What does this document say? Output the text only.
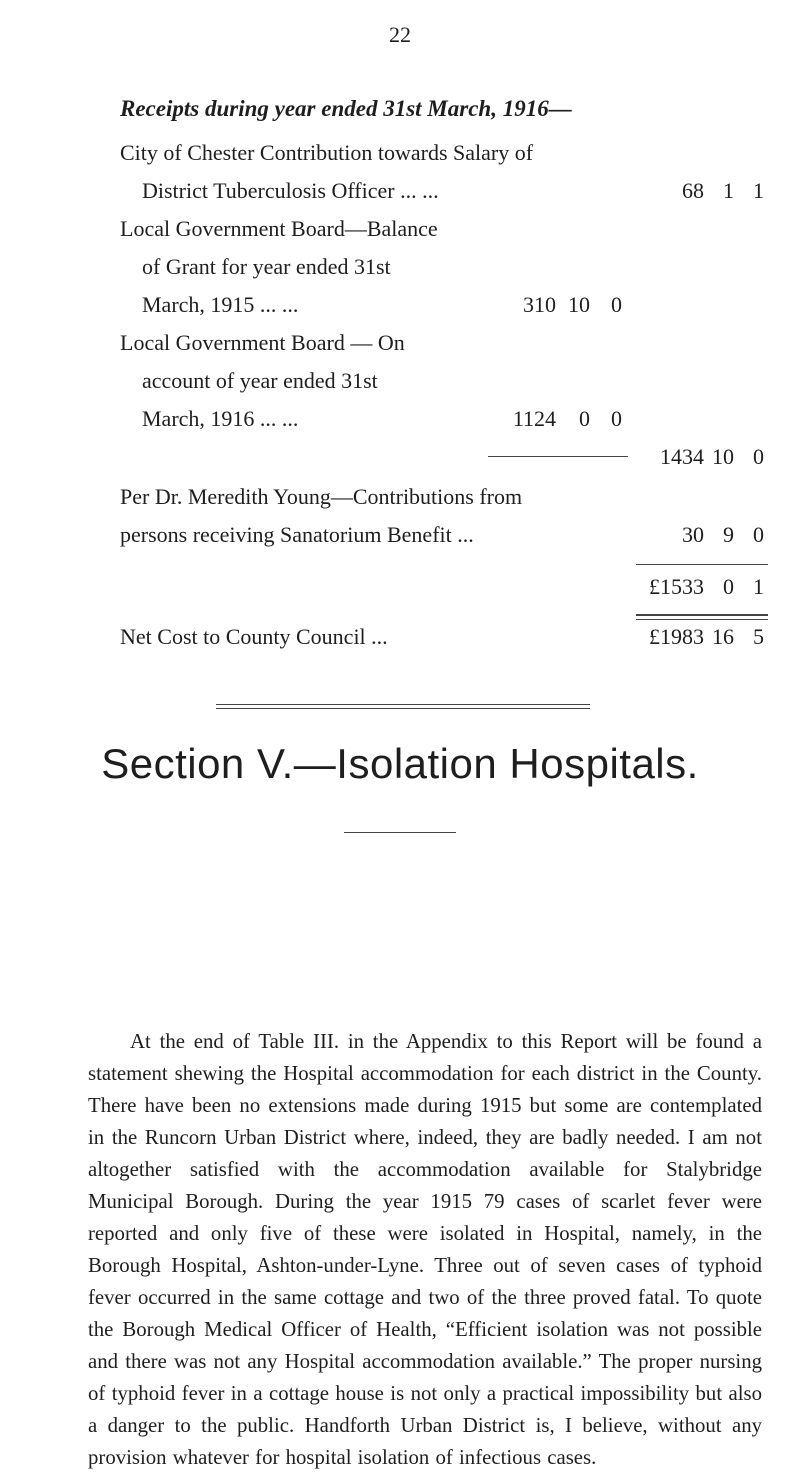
22
Receipts during year ended 31st March, 1916—
City of Chester Contribution towards Salary of
District Tuberculosis Officer ... ...	68 1 1
Local Government Board—Balance
of Grant for year ended 31st
March, 1915 ... ...	310 10 0
Local Government Board — On
account of year ended 31st
March, 1916 ... ...	1124	0 0
1434 10 0
Per Dr. Meredith Young—Contributions from
persons receiving Sanatorium Benefit ...	30 9 0
£1533 0 1
Net Cost to County Council ...	£1983 16 5
Section V.—Isolation Hospitals.
At the end of Table III. in the Appendix to this Report will be found a statement shewing the Hospital accommodation for each district in the County. There have been no extensions made during 1915 but some are contemplated in the Runcorn Urban District where, indeed, they are badly needed. I am not altogether satisfied with the accommodation available for Stalybridge Municipal Borough. During the year 1915 79 cases of scarlet fever were reported and only five of these were isolated in Hospital, namely, in the Borough Hospital, Ashton-under-Lyne. Three out of seven cases of typhoid fever occurred in the same cottage and two of the three proved fatal. To quote the Borough Medical Officer of Health, “Efficient isolation was not possible and there was not any Hospital accommodation available.” The proper nursing of typhoid fever in a cottage house is not only a practical impossibility but also a danger to the public. Handforth Urban District is, I believe, without any provision whatever for hospital isolation of infectious cases.
